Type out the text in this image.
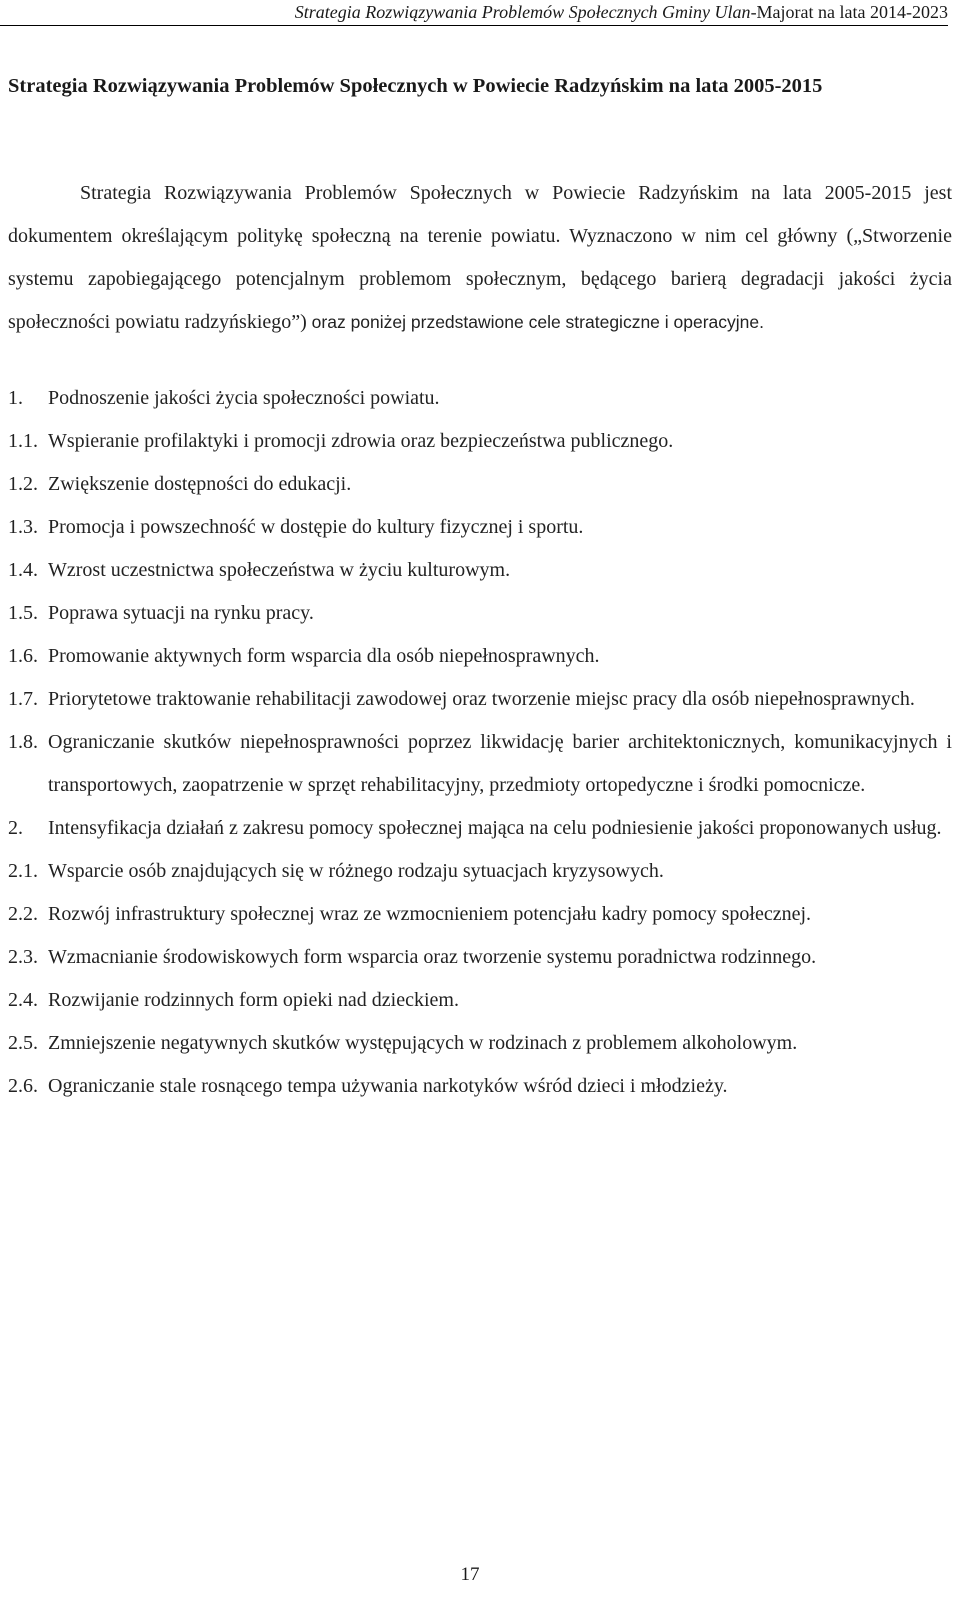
Strategia Rozwiązywania Problemów Społecznych Gminy Ulan-Majorat na lata 2014-2023
Strategia Rozwiązywania Problemów Społecznych w Powiecie Radzyńskim na lata 2005-2015

Strategia Rozwiązywania Problemów Społecznych w Powiecie Radzyńskim na lata 2005-2015 jest dokumentem określającym politykę społeczną na terenie powiatu. Wyznaczono w nim cel główny („Stworzenie systemu zapobiegającego potencjalnym problemom społecznym, będącego barierą degradacji jakości życia społeczności powiatu radzyńskiego”) oraz poniżej przedstawione cele strategiczne i operacyjne.

1. Podnoszenie jakości życia społeczności powiatu.
1.1. Wspieranie profilaktyki i promocji zdrowia oraz bezpieczeństwa publicznego.
1.2. Zwiększenie dostępności do edukacji.
1.3. Promocja i powszechność w dostępie do kultury fizycznej i sportu.
1.4. Wzrost uczestnictwa społeczeństwa w życiu kulturowym.
1.5. Poprawa sytuacji na rynku pracy.
1.6. Promowanie aktywnych form wsparcia dla osób niepełnosprawnych.
1.7. Priorytetowe traktowanie rehabilitacji zawodowej oraz tworzenie miejsc pracy dla osób niepełnosprawnych.
1.8. Ograniczanie skutków niepełnosprawności poprzez likwidację barier architektonicznych, komunikacyjnych i transportowych, zaopatrzenie w sprzęt rehabilitacyjny, przedmioty ortopedyczne i środki pomocnicze.
2. Intensyfikacja działań z zakresu pomocy społecznej mająca na celu podniesienie jakości proponowanych usług.
2.1. Wsparcie osób znajdujących się w różnego rodzaju sytuacjach kryzysowych.
2.2. Rozwój infrastruktury społecznej wraz ze wzmocnieniem potencjału kadry pomocy społecznej.
2.3. Wzmacnianie środowiskowych form wsparcia oraz tworzenie systemu poradnictwa rodzinnego.
2.4. Rozwijanie rodzinnych form opieki nad dzieckiem.
2.5. Zmniejszenie negatywnych skutków występujących w rodzinach z problemem alkoholowym.
2.6. Ograniczanie stale rosnącego tempa używania narkotyków wśród dzieci i młodzieży.
17
